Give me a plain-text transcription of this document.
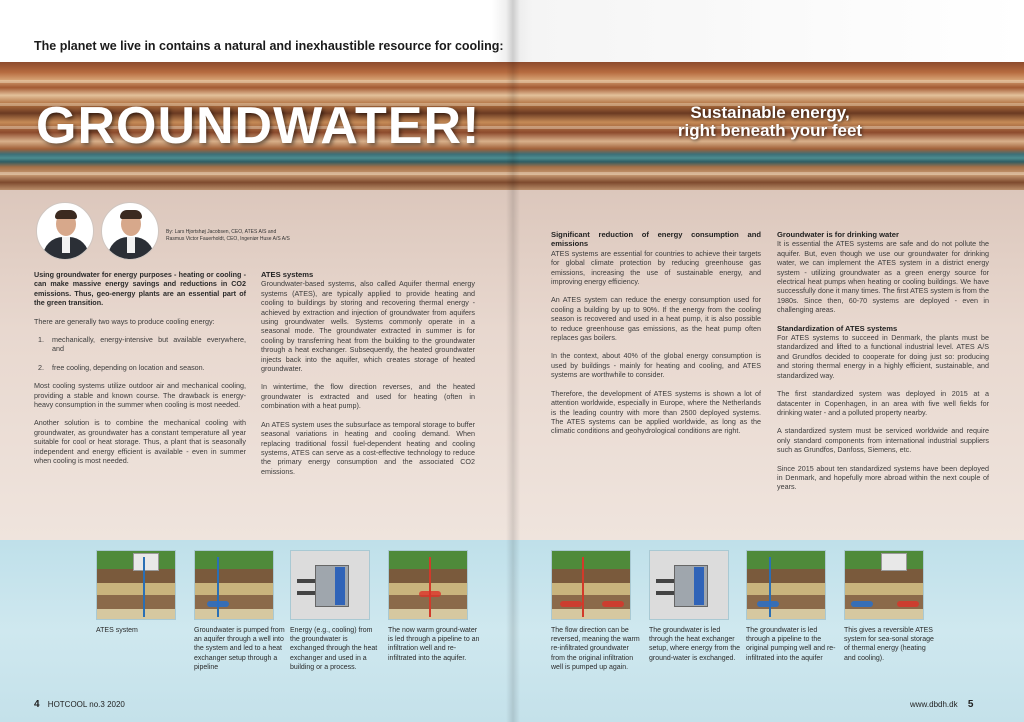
The planet we live in contains a natural and inexhaustible resource for cooling:
GROUNDWATER!	Sustainable energy,
right beneath your feet
By: Lars Hjortshøj Jacobsen, CEO, ATES A/S and
Rasmus Victor Fauerholdt, CEO, Ingeniør Huse A/S A/S

Using groundwater for energy purposes - heating or cooling - can make massive energy savings and reductions in CO2 emissions. Thus, geo-energy plants are an essential part of the green transition.

There are generally two ways to produce cooling energy:

1. mechanically, energy-intensive but available everywhere, and
2. free cooling, depending on location and season.

Most cooling systems utilize outdoor air and mechanical cooling, providing a stable and known course. The drawback is energy-heavy consumption in the summer when cooling is most needed.

Another solution is to combine the mechanical cooling with groundwater, as groundwater has a constant temperature all year suitable for cool or heat storage. Thus, a plant that is seasonally independent and energy efficient is available - even in summer when cooling is most needed.

ATES systems

Groundwater-based systems, also called Aquifer thermal energy systems (ATES), are typically applied to provide heating and cooling to buildings by storing and recovering thermal energy - achieved by extraction and injection of groundwater from aquifers using groundwater wells. Systems commonly operate in a seasonal mode. The groundwater extracted in summer is for cooling by transferring heat from the building to the groundwater through a heat exchanger. Subsequently, the heated groundwater injects back into the aquifer, which creates storage of heated groundwater.

In wintertime, the flow direction reverses, and the heated groundwater is extracted and used for heating (often in combination with a heat pump).

An ATES system uses the subsurface as temporal storage to buffer seasonal variations in heating and cooling demand. When replacing traditional fossil fuel-dependent heating and cooling systems, ATES can serve as a cost-effective technology to reduce the primary energy consumption and the associated CO2 emissions.

Significant reduction of energy consumption and emissions

ATES systems are essential for countries to achieve their targets for global climate protection by reducing greenhouse gas emissions, increasing the use of sustainable energy, and improving energy efficiency.

An ATES system can reduce the energy consumption used for cooling a building by up to 90%. If the energy from the cooling season is recovered and used in a heat pump, it is also possible to reduce greenhouse gas emissions, as the heat pump often replaces gas boilers.

In the context, about 40% of the global energy consumption is used by buildings - mainly for heating and cooling, and ATES systems are worthwhile to consider.

Therefore, the development of ATES systems is shown a lot of attention worldwide, especially in Europe, where the Netherlands is the leading country with more than 2500 deployed systems. The ATES systems can be applied worldwide, as long as the climatic conditions and geohydrological conditions are right.

Groundwater is for drinking water

It is essential the ATES systems are safe and do not pollute the aquifer. But, even though we use our groundwater for drinking water, we can implement the ATES system in a district energy system - utilizing groundwater as a green energy source for electrical heat pumps when heating or cooling buildings. We have successfully done it many times. The first ATES system is from the 1980s. Since then, 60-70 systems are deployed - even in challenging areas.

Standardization of ATES systems

For ATES systems to succeed in Denmark, the plants must be standardized and lifted to a functional industrial level. ATES A/S and Grundfos decided to cooperate for doing just so: producing and storing thermal energy in a highly efficient, sustainable, and standardized way.

The first standardized system was deployed in 2015 at a datacenter in Copenhagen, in an area with five well fields for drinking water - and a polluted property nearby.

A standardized system must be serviced worldwide and require only standard components from international industrial suppliers such as Grundfos, Danfoss, Siemens, etc.

Since 2015 about ten standardized systems have been deployed in Denmark, and hopefully more abroad within the next couple of years.

ATES system	Groundwater is pumped from an aquifer through a well into the system and led to a heat exchanger setup through a pipeline
Energy (e.g., cooling) from the groundwater is exchanged through the heat exchanger and used in a building or a process.
The now warm ground-water is led through a pipeline to an infiltration well and re-infiltrated into the aquifer.
The flow direction can be reversed, meaning the warm re-infiltrated groundwater from the original infiltration well is pumped up again.
The groundwater is led through the heat exchanger setup, where energy from the ground-water is exchanged.
The groundwater is led through a pipeline to the original pumping well and re-infiltrated into the aquifer
This gives a reversible ATES system for sea-sonal storage of thermal energy (heating and cooling).
4 HOTCOOL no.3 2020	www.dbdh.dk 5
